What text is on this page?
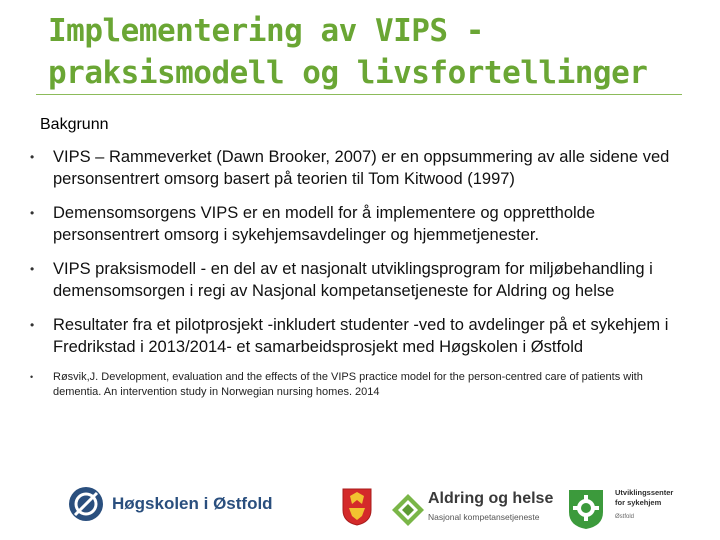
Implementering av VIPS -
praksismodell og livsfortellinger
Bakgrunn
• VIPS – Rammeverket (Dawn Brooker, 2007) er en oppsummering av alle sidene ved personsentrert omsorg basert på teorien til Tom Kitwood (1997)
• Demensomsorgens VIPS er en modell for å implementere og opprettholde personsentrert omsorg i sykehjemsavdelinger og hjemmetjenester.
• VIPS praksismodell - en del av et nasjonalt utviklingsprogram for miljøbehandling i demensomsorgen i regi av Nasjonal kompetansetjeneste for Aldring og helse
• Resultater fra et pilotprosjekt -inkludert studenter -ved to avdelinger på et sykehjem i Fredrikstad i 2013/2014- et samarbeidsprosjekt med Høgskolen i Østfold
• Røsvik,J. Development, evaluation and the effects of the VIPS practice model for the person-centred care of patients with dementia. An intervention study in Norwegian nursing homes. 2014
Høgskolen i Østfold	Aldring og helse
Nasjonal kompetansetjeneste
Utviklingssenter
for sykehjem
Østfold
